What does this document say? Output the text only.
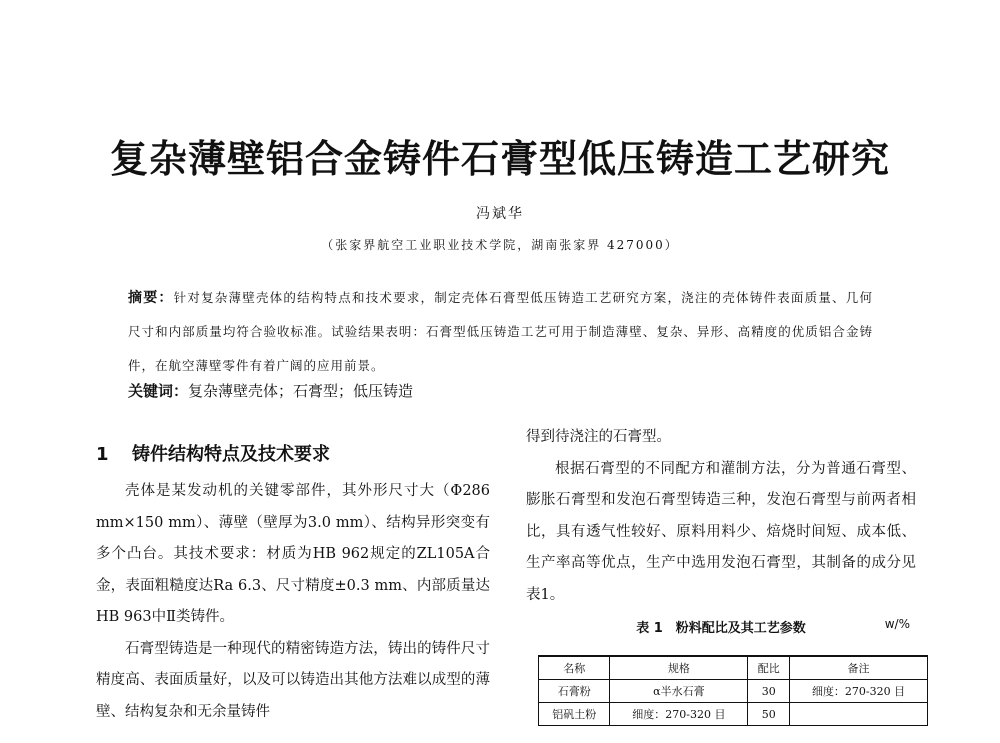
复杂薄壁铝合金铸件石膏型低压铸造工艺研究
冯斌华
（张家界航空工业职业技术学院，湖南张家界 427000）
摘要：针对复杂薄壁壳体的结构特点和技术要求，制定壳体石膏型低压铸造工艺研究方案，浇注的壳体铸件表面质量、几何尺寸和内部质量均符合验收标准。试验结果表明：石膏型低压铸造工艺可用于制造薄壁、复杂、异形、高精度的优质铝合金铸件，在航空薄壁零件有着广阔的应用前景。
关键词：复杂薄壁壳体；石膏型；低压铸造
1 铸件结构特点及技术要求

壳体是某发动机的关键零部件，其外形尺寸大（Φ286 mm×150 mm）、薄壁（壁厚为3.0 mm）、结构异形突变有多个凸台。其技术要求：材质为HB 962规定的ZL105A合金，表面粗糙度达Ra 6.3、尺寸精度±0.3 mm、内部质量达HB 963中Ⅱ类铸件。

石膏型铸造是一种现代的精密铸造方法，铸出的铸件尺寸精度高、表面质量好，以及可以铸造出其他方法难以成型的薄壁、结构复杂和无余量铸件

得到待浇注的石膏型。

根据石膏型的不同配方和灌制方法，分为普通石膏型、膨胀石膏型和发泡石膏型铸造三种，发泡石膏型与前两者相比，具有透气性较好、原料用料少、焙烧时间短、成本低、生产率高等优点，生产中选用发泡石膏型，其制备的成分见表1。

表 1　粉料配比及其工艺参数	w/%
名称	规格	配比	备注
石膏粉	α半水石膏	30	细度：270-320 目
铝矾土粉	细度：270-320 目	50	
